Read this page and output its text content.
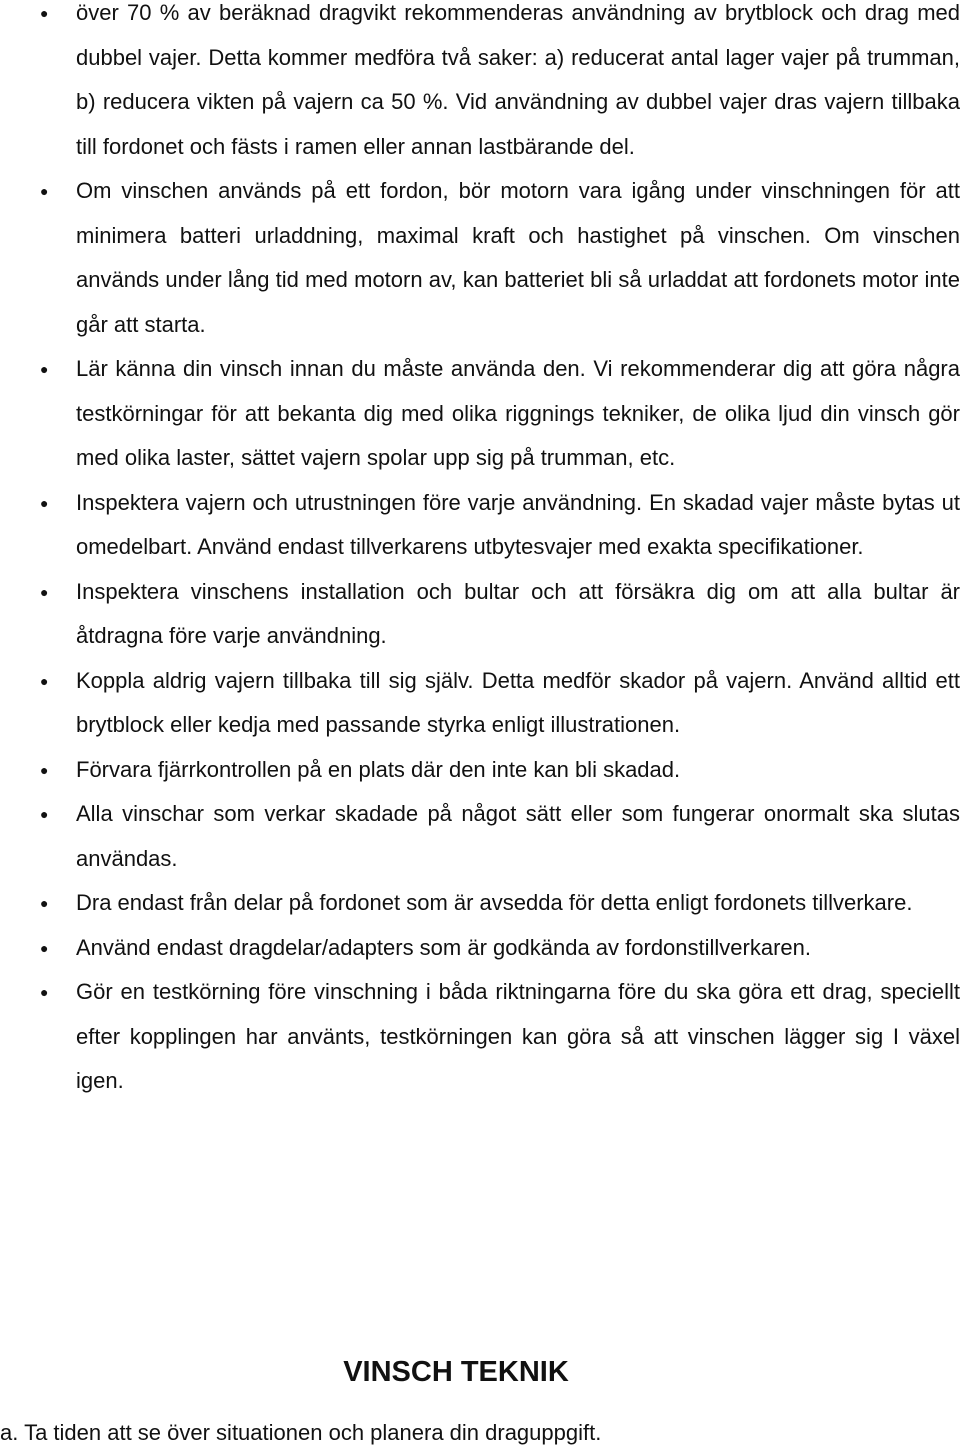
● över 70 % av beräknad dragvikt rekommenderas användning av brytblock och drag med dubbel vajer. Detta kommer medföra två saker: a) reducerat antal lager vajer på trumman, b) reducera vikten på vajern ca 50 %. Vid användning av dubbel vajer dras vajern tillbaka till fordonet och fästs i ramen eller annan lastbärande del.
● Om vinschen används på ett fordon, bör motorn vara igång under vinschningen för att minimera batteri urladdning, maximal kraft och hastighet på vinschen. Om vinschen används under lång tid med motorn av, kan batteriet bli så urladdat att fordonets motor inte går att starta.
● Lär känna din vinsch innan du måste använda den. Vi rekommenderar dig att göra några testkörningar för att bekanta dig med olika riggnings tekniker, de olika ljud din vinsch gör med olika laster, sättet vajern spolar upp sig på trumman, etc.
● Inspektera vajern och utrustningen före varje användning. En skadad vajer måste bytas ut omedelbart. Använd endast tillverkarens utbytesvajer med exakta specifikationer.
● Inspektera vinschens installation och bultar och att försäkra dig om att alla bultar är åtdragna före varje användning.
● Koppla aldrig vajern tillbaka till sig själv. Detta medför skador på vajern. Använd alltid ett brytblock eller kedja med passande styrka enligt illustrationen.
● Förvara fjärrkontrollen på en plats där den inte kan bli skadad.
● Alla vinschar som verkar skadade på något sätt eller som fungerar onormalt ska slutas användas.
● Dra endast från delar på fordonet som är avsedda för detta enligt fordonets tillverkare.
● Använd endast dragdelar/adapters som är godkända av fordonstillverkaren.
● Gör en testkörning före vinschning i båda riktningarna före du ska göra ett drag, speciellt efter kopplingen har använts, testkörningen kan göra så att vinschen lägger sig I växel igen.
VINSCH TEKNIK

a. Ta tiden att se över situationen och planera din draguppgift.
